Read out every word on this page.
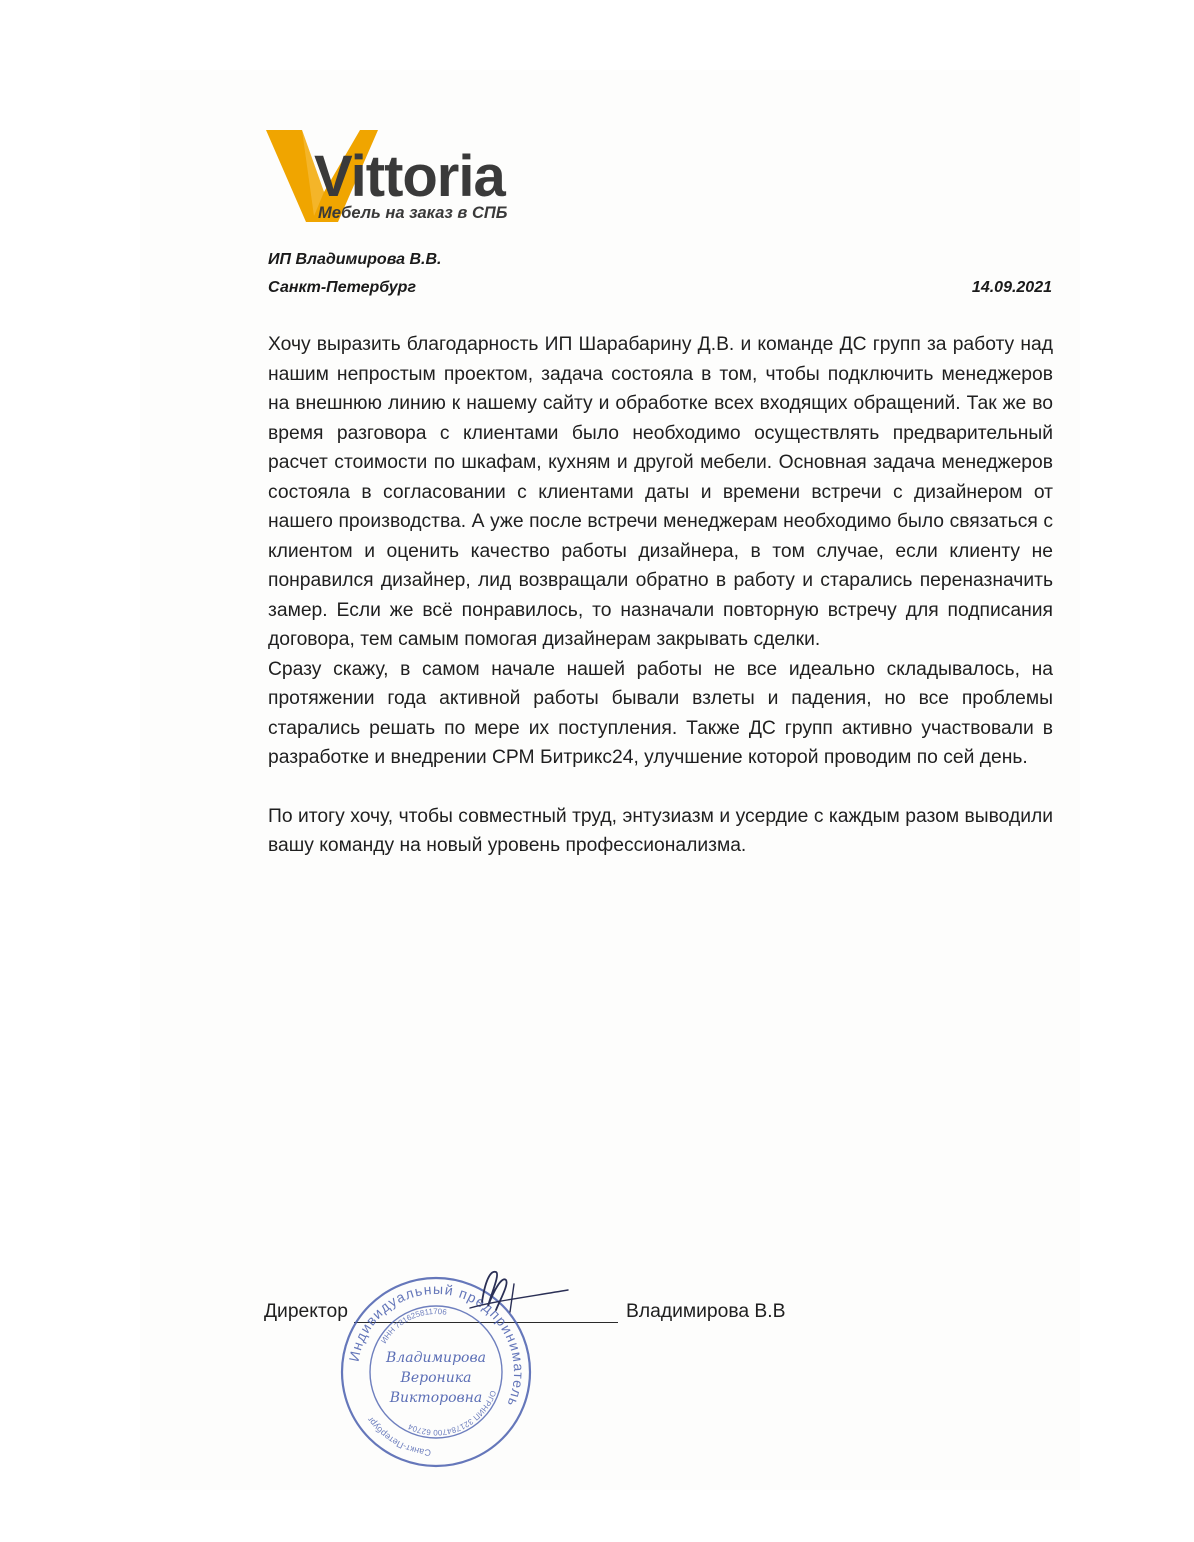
Vittoria
Мебель на заказ в СПБ
ИП Владимирова В.В.
Санкт-Петербург	14.09.2021

Хочу выразить благодарность ИП Шарабарину Д.В. и команде ДС групп за работу над нашим непростым проектом, задача состояла в том, чтобы подключить менеджеров на внешнюю линию к нашему сайту и обработке всех входящих обращений. Так же во время разговора с клиентами было необходимо осуществлять предварительный расчет стоимости по шкафам, кухням и другой мебели. Основная задача менеджеров состояла в согласовании с клиентами даты и времени встречи с дизайнером от нашего производства. А уже после встречи менеджерам необходимо было связаться с клиентом и оценить качество работы дизайнера, в том случае, если клиенту не понравился дизайнер, лид возвращали обратно в работу и старались переназначить замер. Если же всё понравилось, то назначали повторную встречу для подписания договора, тем самым помогая дизайнерам закрывать сделки.

Сразу скажу, в самом начале нашей работы не все идеально складывалось, на протяжении года активной работы бывали взлеты и падения, но все проблемы старались решать по мере их поступления. Также ДС групп активно участвовали в разработке и внедрении СРМ Битрикс24, улучшение которой проводим по сей день.

По итогу хочу, чтобы совместный труд, энтузиазм и усердие с каждым разом выводили вашу команду на новый уровень профессионализма.

Директор	Владимирова В.В
Индивидуальный предприниматель
ОГРНИП 321784700 62704
ИНН 781625811706
Санкт-Петербург
Владимирова
Вероника
Викторовна
